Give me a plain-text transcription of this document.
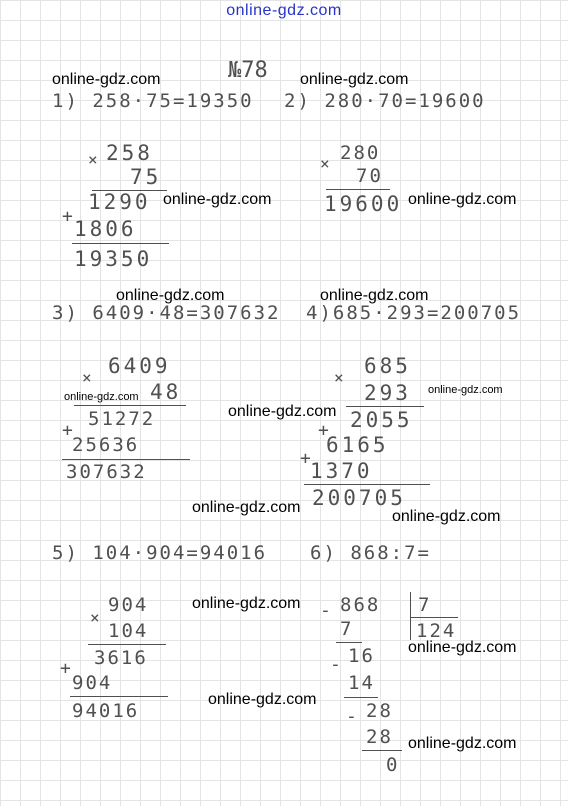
online-gdz.com
№78
online-gdz.com	online-gdz.com
online-gdz.com	online-gdz.com
online-gdz.com	online-gdz.com
online-gdz.com
online-gdz.com
online-gdz.com
online-gdz.com
online-gdz.com
online-gdz.com
online-gdz.com
online-gdz.com
online-gdz.com
1) 258·75=19350
× 258
75
1290
+
1806
19350
2) 280·70=19600
× 280
70
19600
3) 6409·48=307632
× 6409
48
51272
+
25636
307632
4)685·293=200705
× 685
293
2055
+
6165
+
1370
200705
5) 104·904=94016
×
904
104
3616
+
904
94016
6) 868:7=
- 868 7
124
7
- 16
14
- 28
28
0
